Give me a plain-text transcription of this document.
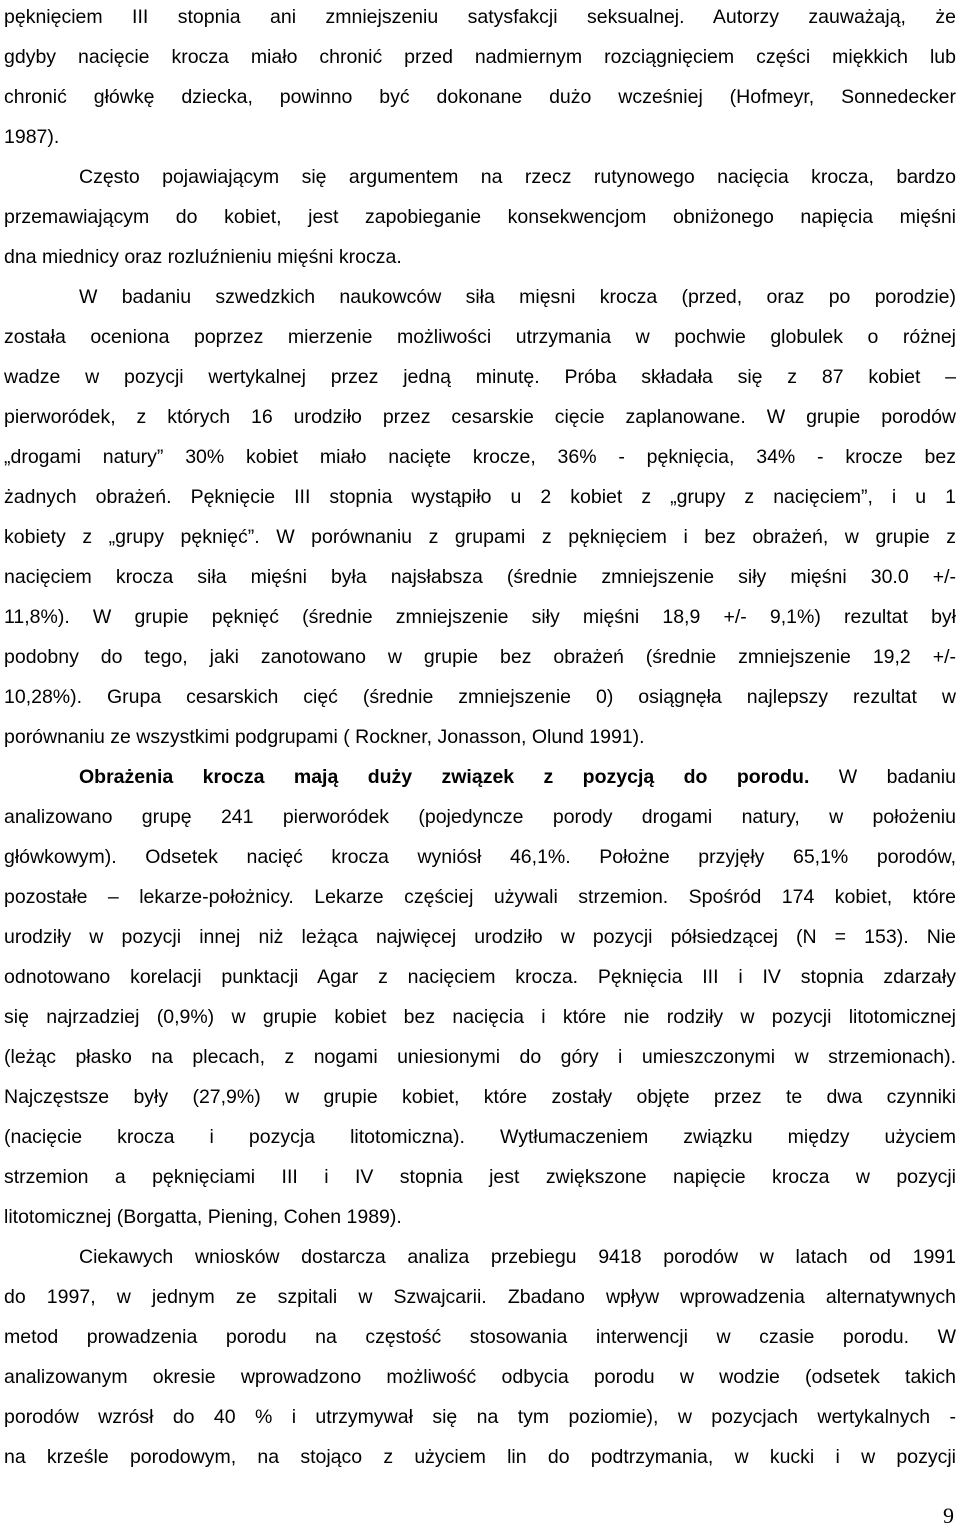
pęknięciem III stopnia ani zmniejszeniu satysfakcji seksualnej. Autorzy zauważają, że
gdyby nacięcie krocza miało chronić przed nadmiernym rozciągnięciem części miękkich lub
chronić główkę dziecka, powinno być dokonane dużo wcześniej (Hofmeyr, Sonnedecker
1987).
Często pojawiającym się argumentem na rzecz rutynowego nacięcia krocza, bardzo
przemawiającym do kobiet, jest zapobieganie konsekwencjom obniżonego napięcia mięśni
dna miednicy oraz rozluźnieniu mięśni krocza.
W badaniu szwedzkich naukowców siła mięsni krocza (przed, oraz po porodzie)
została oceniona poprzez mierzenie możliwości utrzymania w pochwie globulek o różnej
wadze w pozycji wertykalnej przez jedną minutę. Próba składała się z 87 kobiet –
pierworódek, z których 16 urodziło przez cesarskie cięcie zaplanowane. W grupie porodów
„drogami natury” 30% kobiet miało nacięte krocze, 36% - pęknięcia, 34% - krocze bez
żadnych obrażeń. Pęknięcie III stopnia wystąpiło u 2 kobiet z „grupy z nacięciem”, i u 1
kobiety z „grupy pęknięć”. W porównaniu z grupami z pęknięciem i bez obrażeń, w grupie z
nacięciem krocza siła mięśni była najsłabsza (średnie zmniejszenie siły mięśni 30.0 +/-
11,8%). W grupie pęknięć (średnie zmniejszenie siły mięśni 18,9 +/- 9,1%) rezultat był
podobny do tego, jaki zanotowano w grupie bez obrażeń (średnie zmniejszenie 19,2 +/-
10,28%). Grupa cesarskich cięć (średnie zmniejszenie 0) osiągnęła najlepszy rezultat w
porównaniu ze wszystkimi podgrupami ( Rockner, Jonasson, Olund 1991).
Obrażenia krocza mają duży związek z pozycją do porodu. W badaniu
analizowano grupę 241 pierworódek (pojedyncze porody drogami natury, w położeniu
główkowym). Odsetek nacięć krocza wyniósł 46,1%. Położne przyjęły 65,1% porodów,
pozostałe – lekarze-położnicy. Lekarze częściej używali strzemion. Spośród 174 kobiet, które
urodziły w pozycji innej niż leżąca najwięcej urodziło w pozycji półsiedzącej (N = 153). Nie
odnotowano korelacji punktacji Agar z nacięciem krocza. Pęknięcia III i IV stopnia zdarzały
się najrzadziej (0,9%) w grupie kobiet bez nacięcia i które nie rodziły w pozycji litotomicznej
(leżąc płasko na plecach, z nogami uniesionymi do góry i umieszczonymi w strzemionach).
Najczęstsze były (27,9%) w grupie kobiet, które zostały objęte przez te dwa czynniki
(nacięcie krocza i pozycja litotomiczna). Wytłumaczeniem związku między użyciem
strzemion a pęknięciami III i IV stopnia jest zwiększone napięcie krocza w pozycji
litotomicznej (Borgatta, Piening, Cohen 1989).
Ciekawych wniosków dostarcza analiza przebiegu 9418 porodów w latach od 1991
do 1997, w jednym ze szpitali w Szwajcarii. Zbadano wpływ wprowadzenia alternatywnych
metod prowadzenia porodu na częstość stosowania interwencji w czasie porodu. W
analizowanym okresie wprowadzono możliwość odbycia porodu w wodzie (odsetek takich
porodów wzrósł do 40 % i utrzymywał się na tym poziomie), w pozycjach wertykalnych -
na krześle porodowym, na stojąco z użyciem lin do podtrzymania, w kucki i w pozycji
9
